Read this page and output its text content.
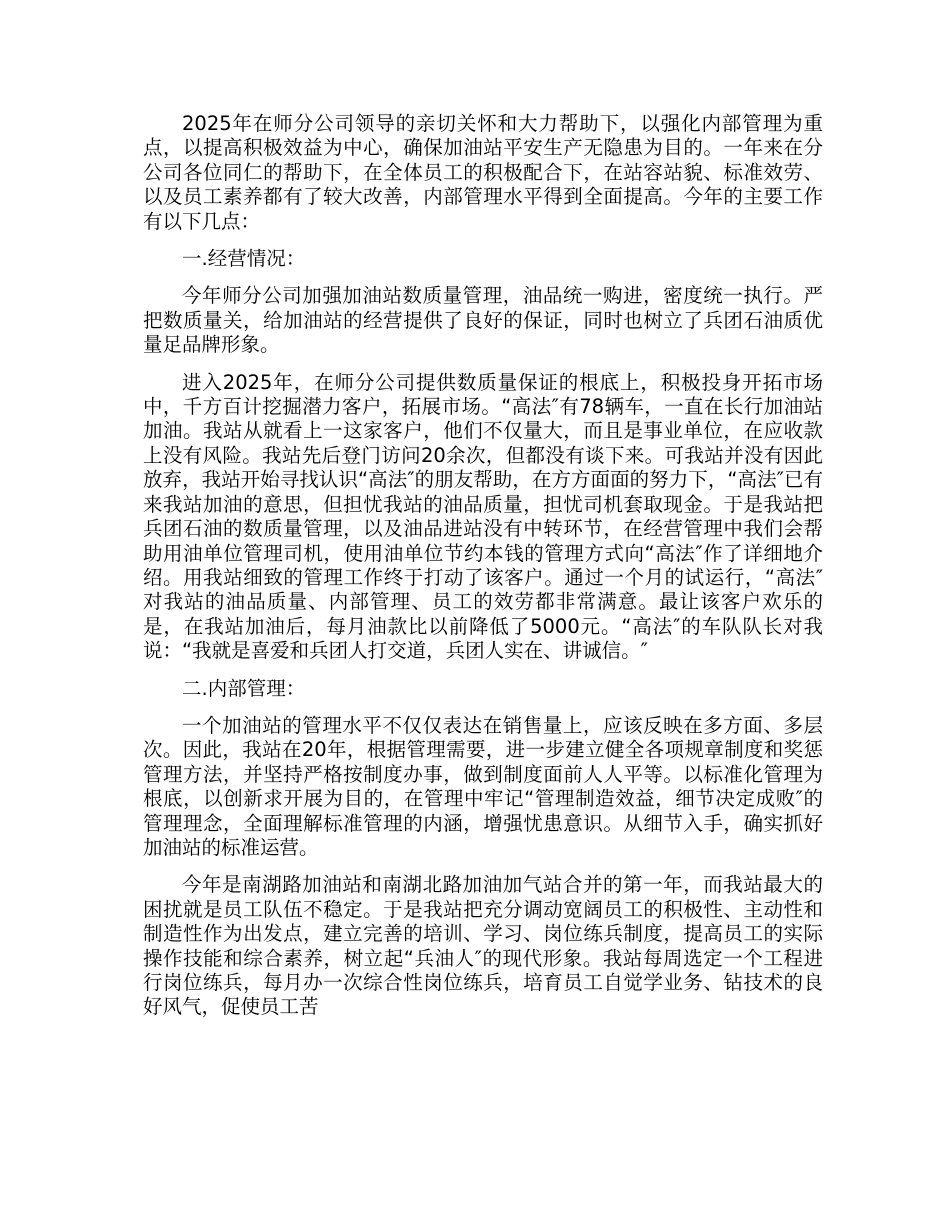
2025年在师分公司领导的亲切关怀和大力帮助下，以强化内部管理为重点，以提高积极效益为中心，确保加油站平安生产无隐患为目的。一年来在分公司各位同仁的帮助下，在全体员工的积极配合下，在站容站貌、标准效劳、以及员工素养都有了较大改善，内部管理水平得到全面提高。今年的主要工作有以下几点：

一.经营情况：

今年师分公司加强加油站数质量管理，油品统一购进，密度统一执行。严把数质量关，给加油站的经营提供了良好的保证，同时也树立了兵团石油质优量足品牌形象。

进入2025年，在师分公司提供数质量保证的根底上，积极投身开拓市场中，千方百计挖掘潜力客户，拓展市场。“高法″有78辆车，一直在长行加油站加油。我站从就看上一这家客户，他们不仅量大，而且是事业单位，在应收款上没有风险。我站先后登门访问20余次，但都没有谈下来。可我站并没有因此放弃，我站开始寻找认识“高法″的朋友帮助，在方方面面的努力下，“高法″已有来我站加油的意思，但担忧我站的油品质量，担忧司机套取现金。于是我站把兵团石油的数质量管理，以及油品进站没有中转环节，在经营管理中我们会帮助用油单位管理司机，使用油单位节约本钱的管理方式向“高法″作了详细地介绍。用我站细致的管理工作终于打动了该客户。通过一个月的试运行，“高法″对我站的油品质量、内部管理、员工的效劳都非常满意。最让该客户欢乐的是，在我站加油后，每月油款比以前降低了5000元。“高法″的车队队长对我说：“我就是喜爱和兵团人打交道，兵团人实在、讲诚信。″

二.内部管理：

一个加油站的管理水平不仅仅表达在销售量上，应该反映在多方面、多层次。因此，我站在20年，根据管理需要，进一步建立健全各项规章制度和奖惩管理方法，并坚持严格按制度办事，做到制度面前人人平等。以标准化管理为根底，以创新求开展为目的，在管理中牢记“管理制造效益，细节决定成败″的管理理念，全面理解标准管理的内涵，增强忧患意识。从细节入手，确实抓好加油站的标准运营。

今年是南湖路加油站和南湖北路加油加气站合并的第一年，而我站最大的困扰就是员工队伍不稳定。于是我站把充分调动宽阔员工的积极性、主动性和制造性作为出发点，建立完善的培训、学习、岗位练兵制度，提高员工的实际操作技能和综合素养，树立起“兵油人″的现代形象。我站每周选定一个工程进行岗位练兵，每月办一次综合性岗位练兵，培育员工自觉学业务、钻技术的良好风气，促使员工苦
